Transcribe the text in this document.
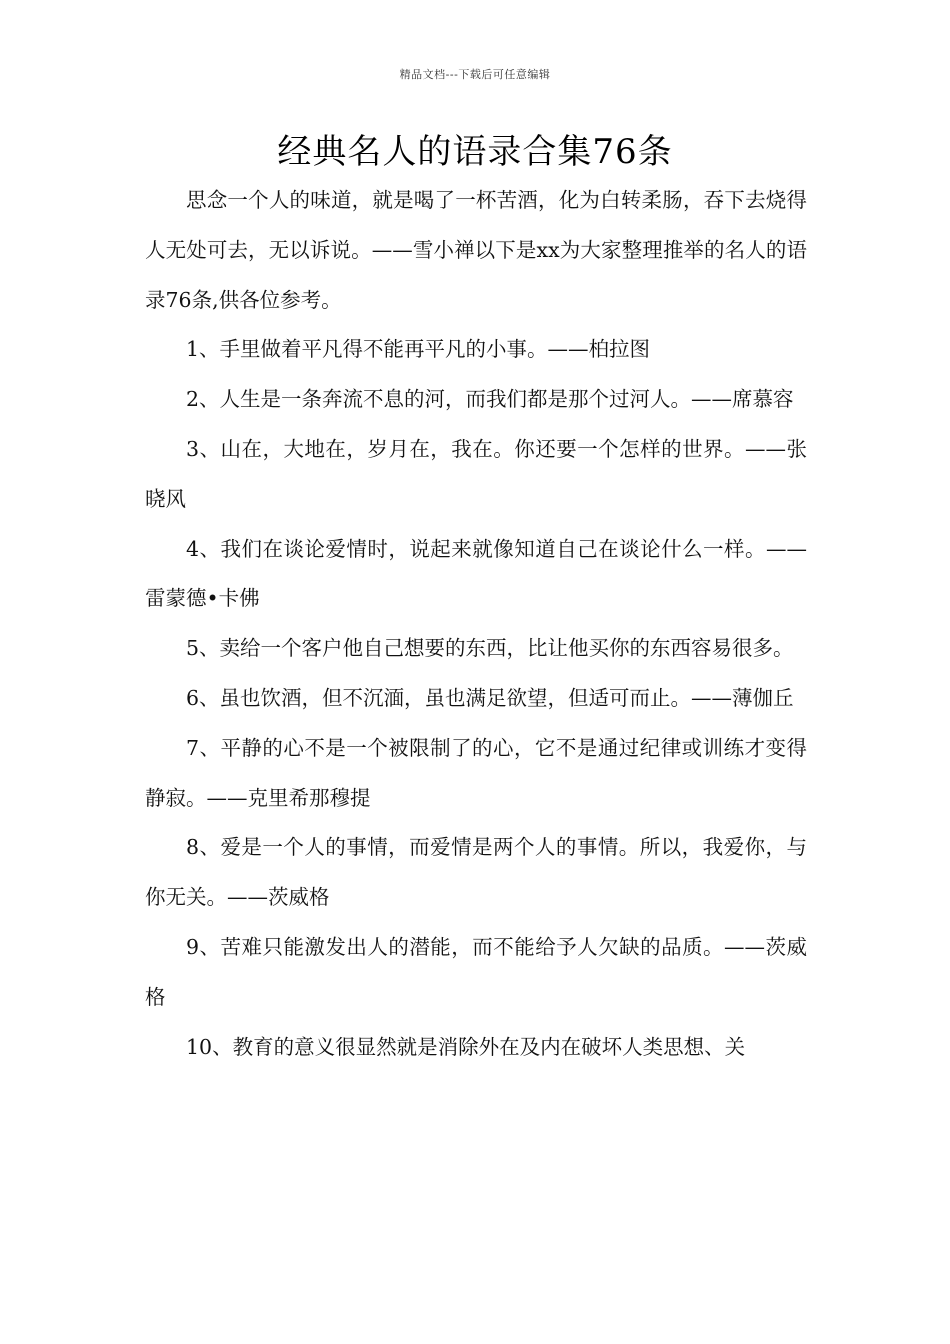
精品文档---下载后可任意编辑
经典名人的语录合集76条

思念一个人的味道，就是喝了一杯苦酒，化为白转柔肠，吞下去烧得人无处可去，无以诉说。——雪小禅以下是xx为大家整理推举的名人的语录76条,供各位参考。

1、手里做着平凡得不能再平凡的小事。——柏拉图

2、人生是一条奔流不息的河，而我们都是那个过河人。——席慕容

3、山在，大地在，岁月在，我在。你还要一个怎样的世界。——张晓风

4、我们在谈论爱情时，说起来就像知道自己在谈论什么一样。——雷蒙德•卡佛

5、卖给一个客户他自己想要的东西，比让他买你的东西容易很多。

6、虽也饮酒，但不沉湎，虽也满足欲望，但适可而止。——薄伽丘

7、平静的心不是一个被限制了的心，它不是通过纪律或训练才变得静寂。——克里希那穆提

8、爱是一个人的事情，而爱情是两个人的事情。所以，我爱你，与你无关。——茨威格

9、苦难只能激发出人的潜能，而不能给予人欠缺的品质。——茨威格

10、教育的意义很显然就是消除外在及内在破坏人类思想、关
